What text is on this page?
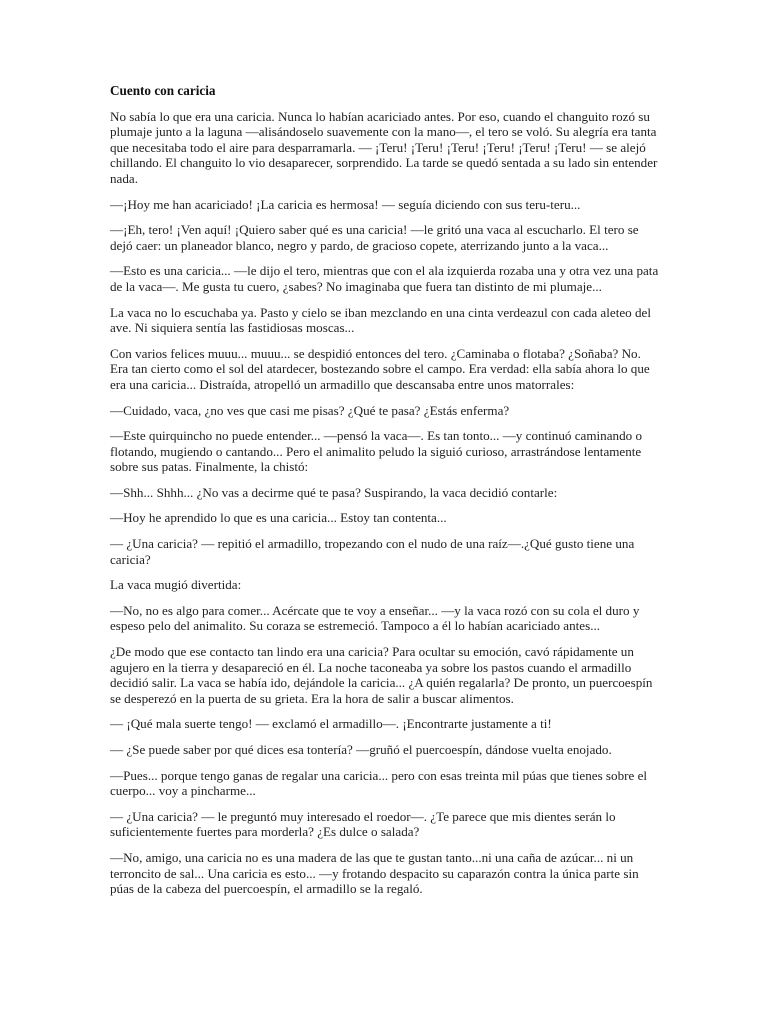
Cuento con caricia

No sabía lo que era una caricia. Nunca lo habían acariciado antes. Por eso, cuando el changuito rozó su plumaje junto a la laguna —alisándoselo suavemente con la mano—, el tero se voló. Su alegría era tanta que necesitaba todo el aire para desparramarla. — ¡Teru! ¡Teru! ¡Teru! ¡Teru! ¡Teru! ¡Teru! — se alejó chillando. El changuito lo vio desaparecer, sorprendido. La tarde se quedó sentada a su lado sin entender nada.

—¡Hoy me han acariciado! ¡La caricia es hermosa! — seguía diciendo con sus teru-teru...

—¡Eh, tero! ¡Ven aquí! ¡Quiero saber qué es una caricia! —le gritó una vaca al escucharlo. El tero se dejó caer: un planeador blanco, negro y pardo, de gracioso copete, aterrizando junto a la vaca...

—Esto es una caricia... —le dijo el tero, mientras que con el ala izquierda rozaba una y otra vez una pata de la vaca—. Me gusta tu cuero, ¿sabes? No imaginaba que fuera tan distinto de mi plumaje...

La vaca no lo escuchaba ya. Pasto y cielo se iban mezclando en una cinta verdeazul con cada aleteo del ave. Ni siquiera sentía las fastidiosas moscas...

Con varios felices muuu... muuu... se despidió entonces del tero. ¿Caminaba o flotaba? ¿Soñaba? No. Era tan cierto como el sol del atardecer, bostezando sobre el campo. Era verdad: ella sabía ahora lo que era una caricia... Distraída, atropelló un armadillo que descansaba entre unos matorrales:

—Cuidado, vaca, ¿no ves que casi me pisas? ¿Qué te pasa? ¿Estás enferma?

—Este quirquincho no puede entender... —pensó la vaca—. Es tan tonto... —y continuó caminando o flotando, mugiendo o cantando... Pero el animalito peludo la siguió curioso, arrastrándose lentamente sobre sus patas. Finalmente, la chistó:

—Shh... Shhh... ¿No vas a decirme qué te pasa? Suspirando, la vaca decidió contarle:

—Hoy he aprendido lo que es una caricia... Estoy tan contenta...

— ¿Una caricia? — repitió el armadillo, tropezando con el nudo de una raíz—.¿Qué gusto tiene una caricia?

La vaca mugió divertida:

—No, no es algo para comer... Acércate que te voy a enseñar... —y la vaca rozó con su cola el duro y espeso pelo del animalito. Su coraza se estremeció. Tampoco a él lo habían acariciado antes...

¿De modo que ese contacto tan lindo era una caricia? Para ocultar su emoción, cavó rápidamente un agujero en la tierra y desapareció en él. La noche taconeaba ya sobre los pastos cuando el armadillo decidió salir. La vaca se había ido, dejándole la caricia... ¿A quién regalarla? De pronto, un puercoespín se desperezó en la puerta de su grieta. Era la hora de salir a buscar alimentos.

— ¡Qué mala suerte tengo! — exclamó el armadillo—. ¡Encontrarte justamente a ti!

— ¿Se puede saber por qué dices esa tontería? —gruñó el puercoespín, dándose vuelta enojado.

—Pues... porque tengo ganas de regalar una caricia... pero con esas treinta mil púas que tienes sobre el cuerpo... voy a pincharme...

— ¿Una caricia? — le preguntó muy interesado el roedor—. ¿Te parece que mis dientes serán lo suficientemente fuertes para morderla? ¿Es dulce o salada?

—No, amigo, una caricia no es una madera de las que te gustan tanto...ni una caña de azúcar... ni un terroncito de sal... Una caricia es esto... —y frotando despacito su caparazón contra la única parte sin púas de la cabeza del puercoespín, el armadillo se la regaló.
